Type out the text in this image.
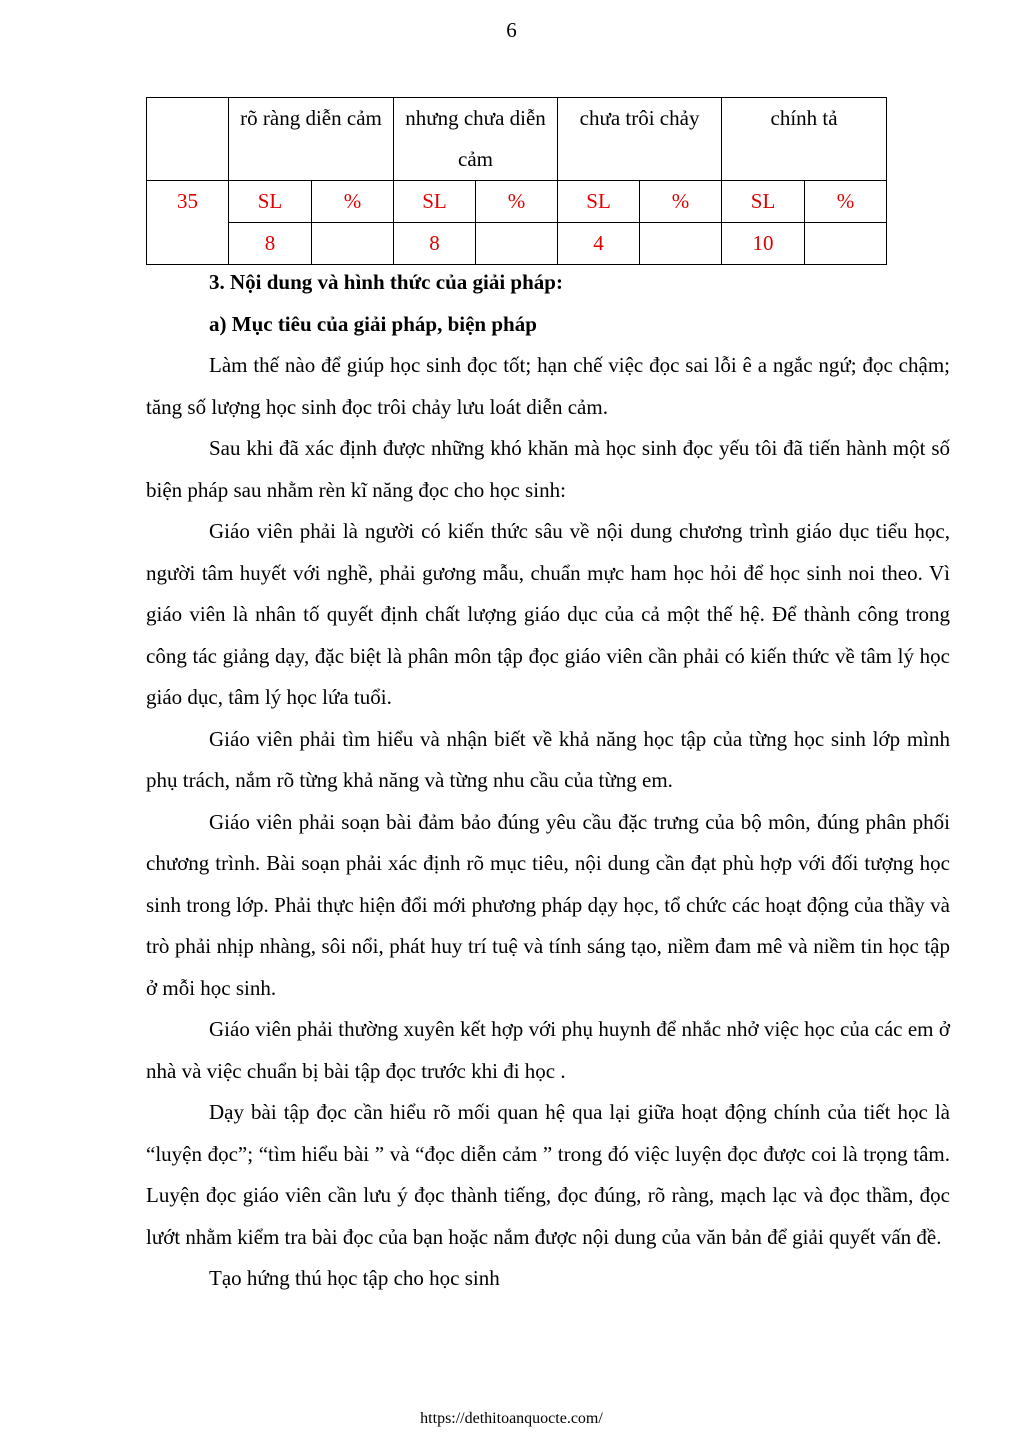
6
	rõ ràng diễn cảm		nhưng chưa diễn cảm		chưa trôi chảy		chính tả	
35	SL	%	SL	%	SL	%	SL	%
	8		8		4		10	

3. Nội dung và hình thức của giải pháp:

a) Mục tiêu của giải pháp, biện pháp

Làm thế nào để giúp học sinh đọc tốt; hạn chế việc đọc sai lỗi ê a ngắc ngứ; đọc chậm; tăng số lượng học sinh đọc trôi chảy lưu loát diễn cảm.

Sau khi đã xác định được những khó khăn mà học sinh đọc yếu tôi đã tiến hành một số biện pháp sau nhằm rèn kĩ năng đọc cho học sinh:

Giáo viên phải là người có kiến thức sâu về nội dung chương trình giáo dục tiểu học, người tâm huyết với nghề, phải gương mẫu, chuẩn mực ham học hỏi để học sinh noi theo. Vì giáo viên là nhân tố quyết định chất lượng giáo dục của cả một thế hệ. Để thành công trong công tác giảng dạy, đặc biệt là phân môn tập đọc giáo viên cần phải có kiến thức về tâm lý học giáo dục, tâm lý học lứa tuổi.

Giáo viên phải tìm hiểu và nhận biết về khả năng học tập của từng học sinh lớp mình phụ trách, nắm rõ từng khả năng và từng nhu cầu của từng em.

Giáo viên phải soạn bài đảm bảo đúng yêu cầu đặc trưng của bộ môn, đúng phân phối chương trình. Bài soạn phải xác định rõ mục tiêu, nội dung cần đạt phù hợp với đối tượng học sinh trong lớp. Phải thực hiện đổi mới phương pháp dạy học, tổ chức các hoạt động của thầy và trò phải nhịp nhàng, sôi nổi, phát huy trí tuệ và tính sáng tạo, niềm đam mê và niềm tin học tập ở mỗi học sinh.

Giáo viên phải thường xuyên kết hợp với phụ huynh để nhắc nhở việc học của các em ở nhà và việc chuẩn bị bài tập đọc trước khi đi học .

Dạy bài tập đọc cần hiểu rõ mối quan hệ qua lại giữa hoạt động chính của tiết học là “luyện đọc”; “tìm hiểu bài ” và “đọc diễn cảm ” trong đó việc luyện đọc được coi là trọng tâm. Luyện đọc giáo viên cần lưu ý đọc thành tiếng, đọc đúng, rõ ràng, mạch lạc và đọc thầm, đọc lướt nhằm kiểm tra bài đọc của bạn hoặc nắm được nội dung của văn bản để giải quyết vấn đề.

Tạo hứng thú học tập cho học sinh

https://dethitoanquocte.com/
